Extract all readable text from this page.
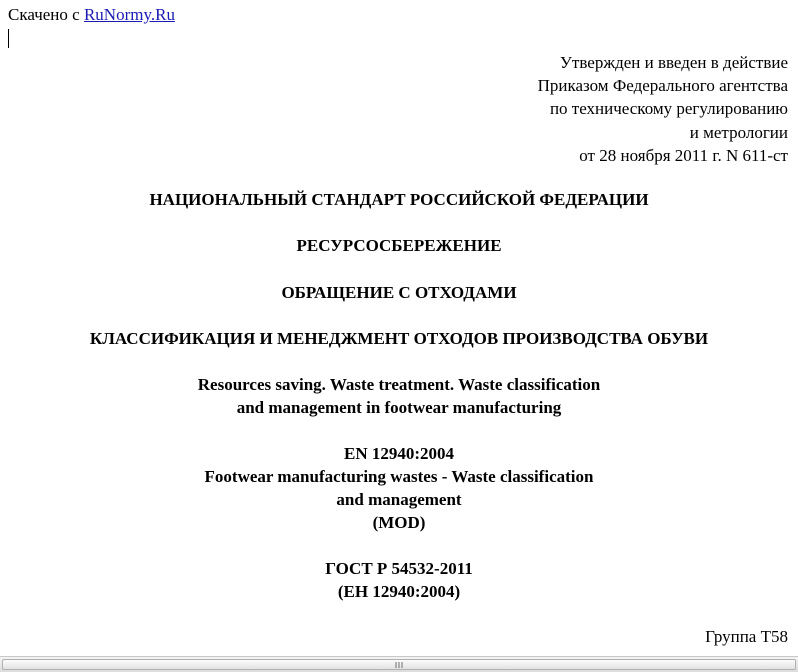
Скачено с RuNormy.Ru
Утвержден и введен в действие
Приказом Федерального агентства
по техническому регулированию
и метрологии
от 28 ноября 2011 г. N 611-ст
НАЦИОНАЛЬНЫЙ СТАНДАРТ РОССИЙСКОЙ ФЕДЕРАЦИИ
РЕСУРСОСБЕРЕЖЕНИЕ
ОБРАЩЕНИЕ С ОТХОДАМИ
КЛАССИФИКАЦИЯ И МЕНЕДЖМЕНТ ОТХОДОВ ПРОИЗВОДСТВА ОБУВИ
Resources saving. Waste treatment. Waste classification
and management in footwear manufacturing
EN 12940:2004
Footwear manufacturing wastes - Waste classification
and management
(MOD)
ГОСТ Р 54532-2011
(ЕН 12940:2004)
Группа Т58
